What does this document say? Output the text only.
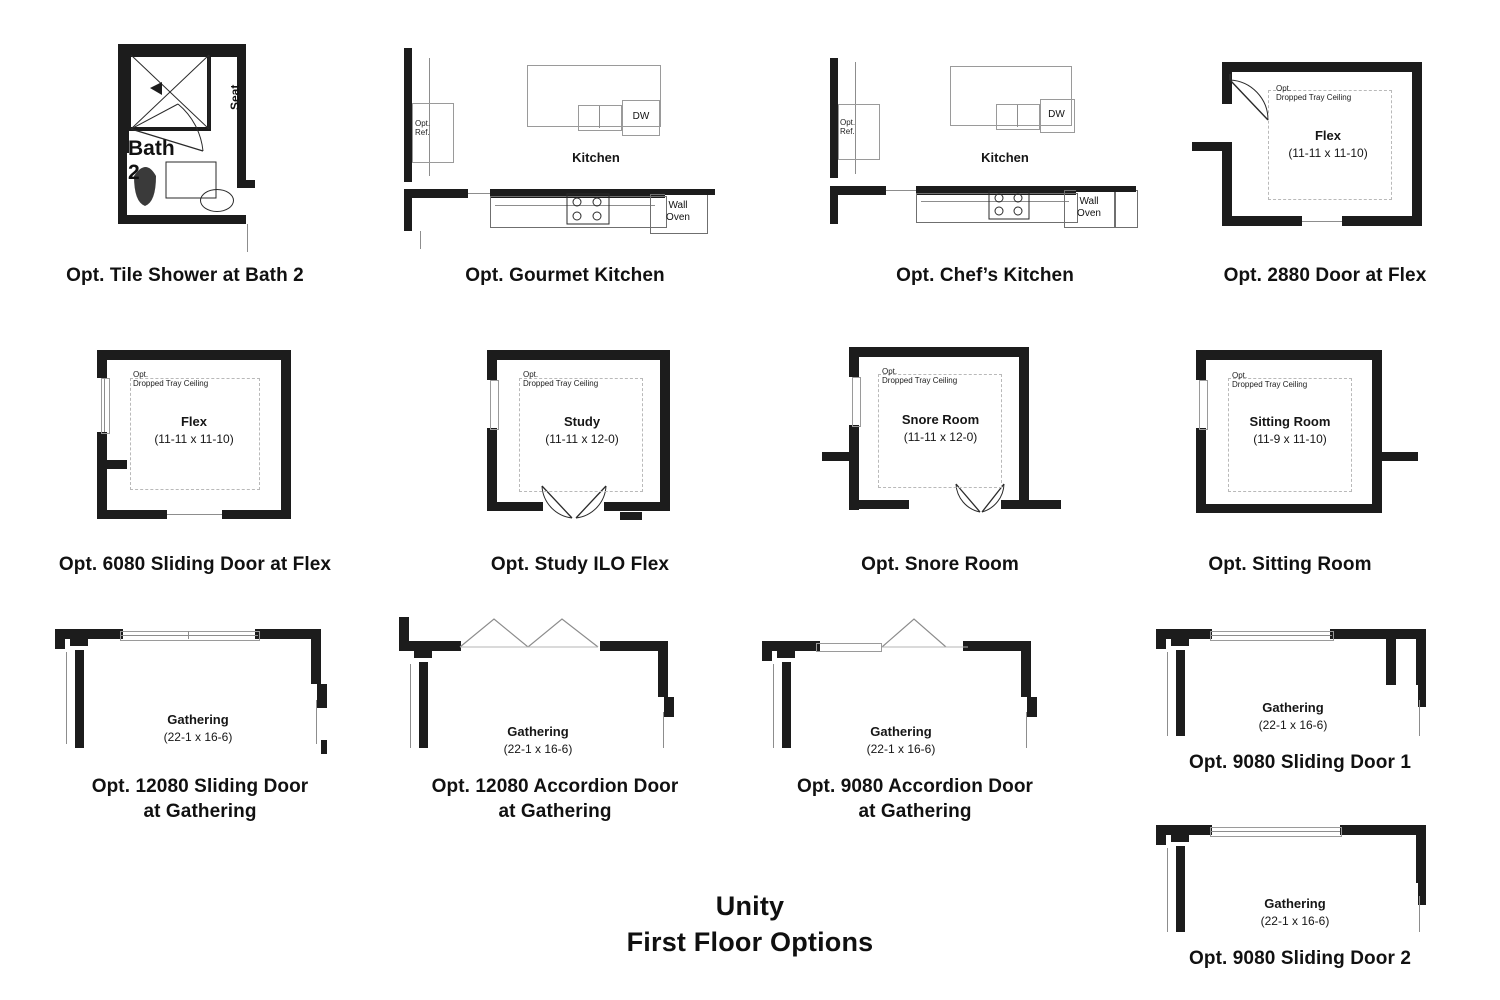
Bath 2
Seat
Opt. Tile Shower at Bath 2
Opt.
Ref.
DW
Kitchen
Wall
Oven
Opt. Gourmet Kitchen
Opt.
Ref.
DW
Kitchen
Wall
Oven
Opt. Chef’s Kitchen
Opt.
Dropped Tray Ceiling
Flex
(11-11 x 11-10)
Opt. 2880 Door at Flex
Opt.
Dropped Tray Ceiling
Flex
(11-11 x 11-10)
Opt. 6080 Sliding Door at Flex
Opt.
Dropped Tray Ceiling
Study
(11-11 x 12-0)
Opt. Study ILO Flex
Opt.
Dropped Tray Ceiling
Snore Room
(11-11 x 12-0)
Opt. Snore Room
Opt.
Dropped Tray Ceiling
Sitting Room
(11-9 x 11-10)
Opt. Sitting Room
Gathering
(22-1 x 16-6)
Opt. 12080 Sliding Door
at Gathering
Gathering
(22-1 x 16-6)
Opt. 12080 Accordion Door
at Gathering
Gathering
(22-1 x 16-6)
Opt. 9080 Accordion Door
at Gathering
Gathering
(22-1 x 16-6)
Opt. 9080 Sliding Door 1
Gathering
(22-1 x 16-6)
Opt. 9080 Sliding Door 2
Unity
First Floor Options
